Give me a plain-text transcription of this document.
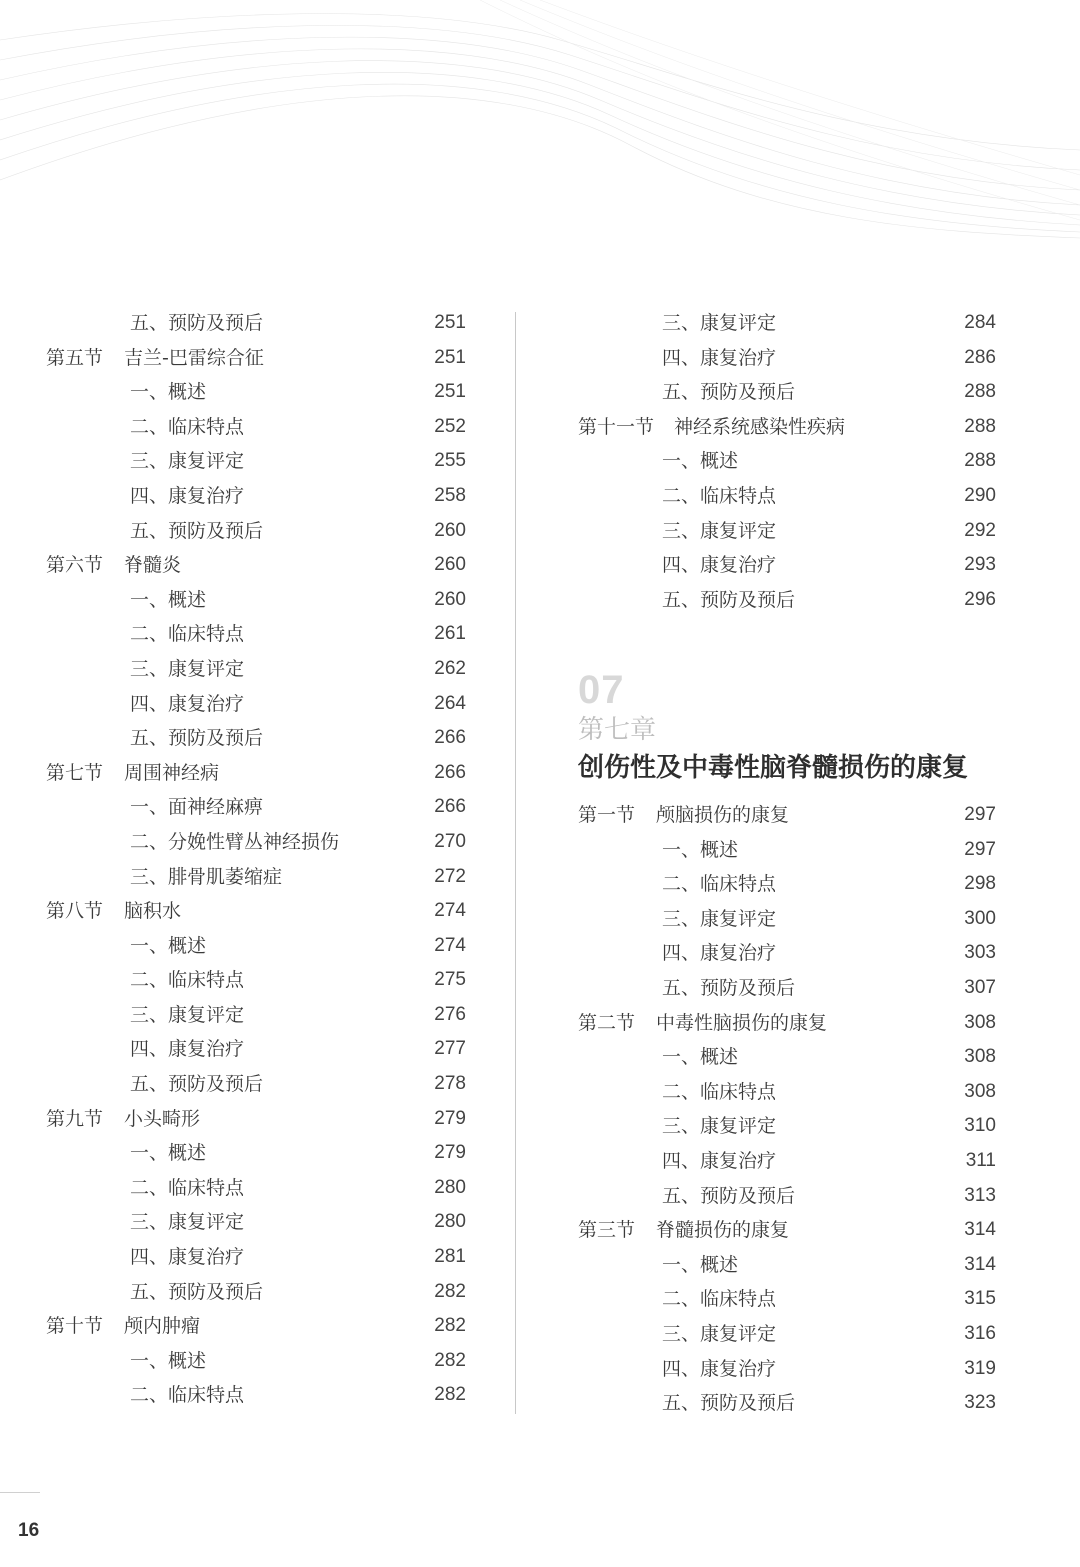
五、预防及预后	251
第五节 吉兰-巴雷综合征	251
一、概述	251
二、临床特点	252
三、康复评定	255
四、康复治疗	258
五、预防及预后	260
第六节 脊髓炎	260
一、概述	260
二、临床特点	261
三、康复评定	262
四、康复治疗	264
五、预防及预后	266
第七节 周围神经病	266
一、面神经麻痹	266
二、分娩性臂丛神经损伤	270
三、腓骨肌萎缩症	272
第八节 脑积水	274
一、概述	274
二、临床特点	275
三、康复评定	276
四、康复治疗	277
五、预防及预后	278
第九节 小头畸形	279
一、概述	279
二、临床特点	280
三、康复评定	280
四、康复治疗	281
五、预防及预后	282
第十节 颅内肿瘤	282
一、概述	282
二、临床特点	282
三、康复评定	284
四、康复治疗	286
五、预防及预后	288
第十一节 神经系统感染性疾病	288
一、概述	288
二、临床特点	290
三、康复评定	292
四、康复治疗	293
五、预防及预后	296
07
第七章
创伤性及中毒性脑脊髓损伤的康复
第一节 颅脑损伤的康复	297
一、概述	297
二、临床特点	298
三、康复评定	300
四、康复治疗	303
五、预防及预后	307
第二节 中毒性脑损伤的康复	308
一、概述	308
二、临床特点	308
三、康复评定	310
四、康复治疗	311
五、预防及预后	313
第三节 脊髓损伤的康复	314
一、概述	314
二、临床特点	315
三、康复评定	316
四、康复治疗	319
五、预防及预后	323
16
